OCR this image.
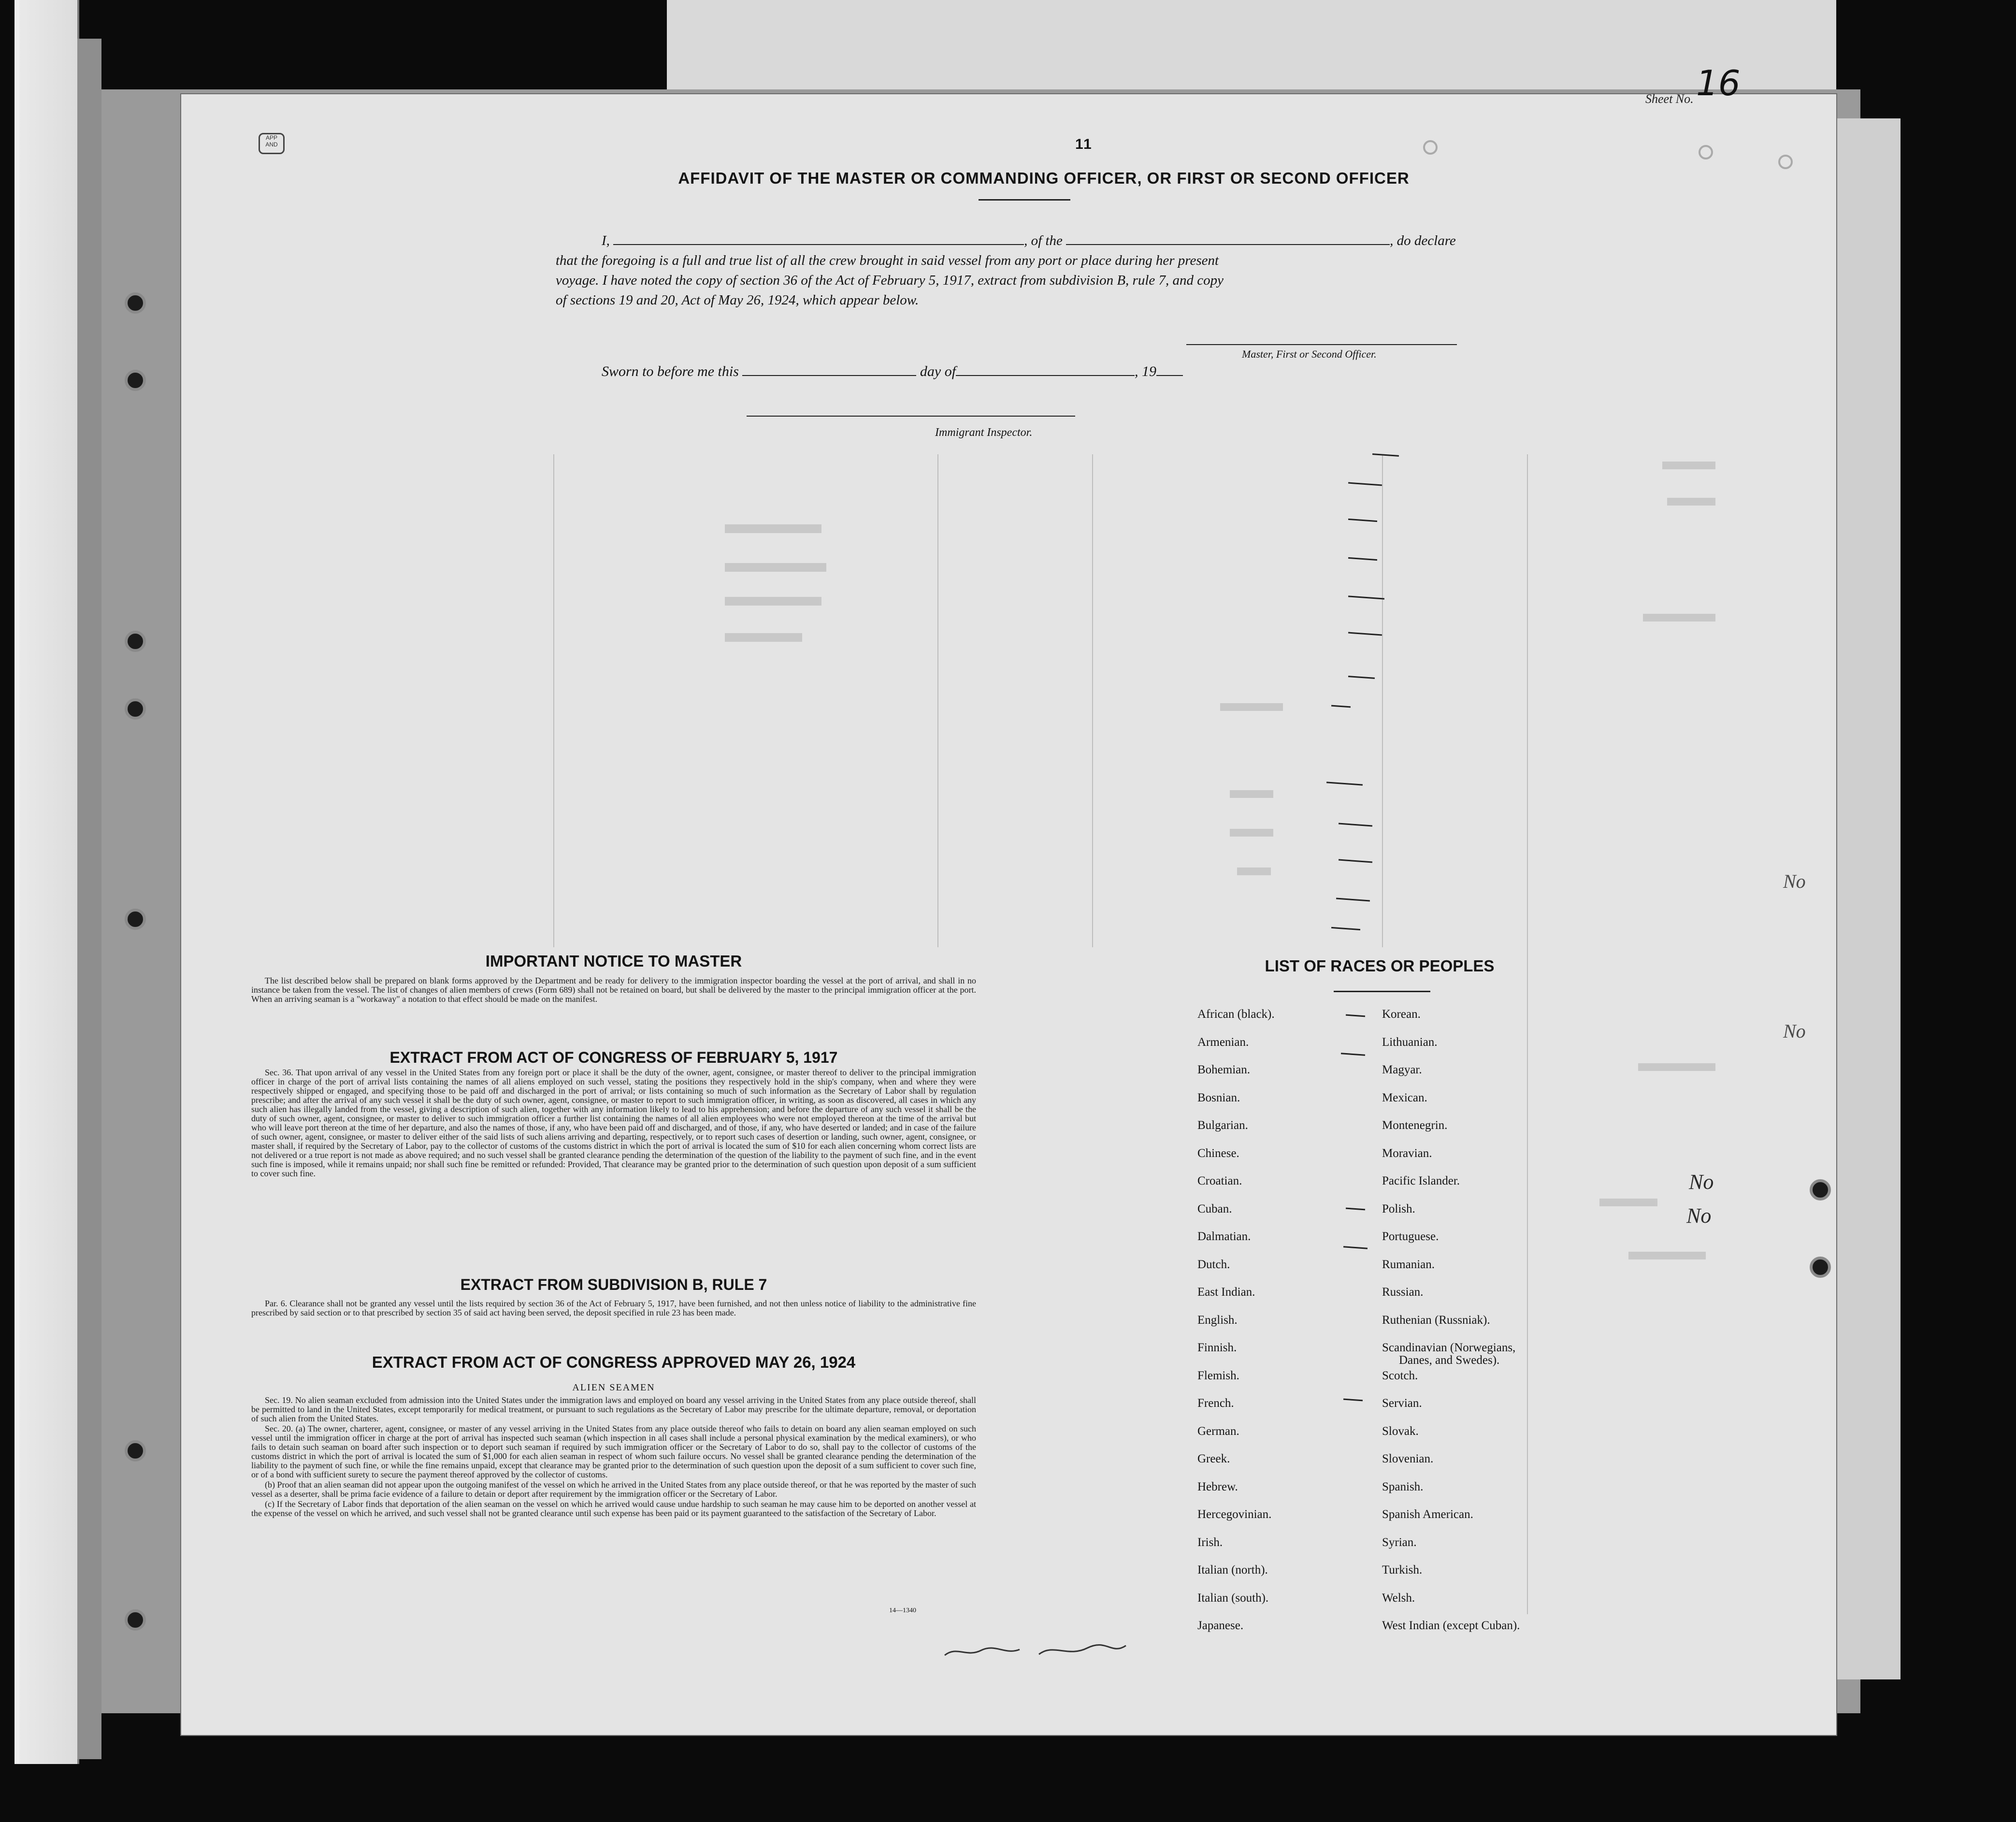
No
No
No
No
APP
AND	11
Sheet No. 16
AFFIDAVIT OF THE MASTER OR COMMANDING OFFICER, OR FIRST OR SECOND OFFICER

I,	, of the	, do declare

that the foregoing is a full and true list of all the crew brought in said vessel from any port or place during her present

voyage. I have noted the copy of section 36 of the Act of February 5, 1917, extract from subdivision B, rule 7, and copy

of sections 19 and 20, Act of May 26, 1924, which appear below.

Master, First or Second Officer.
Sworn to before me this	day of	, 19
Immigrant Inspector.
IMPORTANT NOTICE TO MASTER

The list described below shall be prepared on blank forms approved by the Department and be ready for delivery to the immigration inspector boarding the vessel at the port of arrival, and shall in no instance be taken from the vessel. The list of changes of alien members of crews (Form 689) shall not be retained on board, but shall be delivered by the master to the principal immigration officer at the port. When an arriving seaman is a "workaway" a notation to that effect should be made on the manifest.

EXTRACT FROM ACT OF CONGRESS OF FEBRUARY 5, 1917

Sec. 36. That upon arrival of any vessel in the United States from any foreign port or place it shall be the duty of the owner, agent, consignee, or master thereof to deliver to the principal immigration officer in charge of the port of arrival lists containing the names of all aliens employed on such vessel, stating the positions they respectively hold in the ship's company, when and where they were respectively shipped or engaged, and specifying those to be paid off and discharged in the port of arrival; or lists containing so much of such information as the Secretary of Labor shall by regulation prescribe; and after the arrival of any such vessel it shall be the duty of such owner, agent, consignee, or master to report to such immigration officer, in writing, as soon as discovered, all cases in which any such alien has illegally landed from the vessel, giving a description of such alien, together with any information likely to lead to his apprehension; and before the departure of any such vessel it shall be the duty of such owner, agent, consignee, or master to deliver to such immigration officer a further list containing the names of all alien employees who were not employed thereon at the time of the arrival but who will leave port thereon at the time of her departure, and also the names of those, if any, who have been paid off and discharged, and of those, if any, who have deserted or landed; and in case of the failure of such owner, agent, consignee, or master to deliver either of the said lists of such aliens arriving and departing, respectively, or to report such cases of desertion or landing, such owner, agent, consignee, or master shall, if required by the Secretary of Labor, pay to the collector of customs of the customs district in which the port of arrival is located the sum of $10 for each alien concerning whom correct lists are not delivered or a true report is not made as above required; and no such vessel shall be granted clearance pending the determination of the question of the liability to the payment of such fine, and in the event such fine is imposed, while it remains unpaid; nor shall such fine be remitted or refunded: Provided, That clearance may be granted prior to the determination of such question upon deposit of a sum sufficient to cover such fine.

EXTRACT FROM SUBDIVISION B, RULE 7

Par. 6. Clearance shall not be granted any vessel until the lists required by section 36 of the Act of February 5, 1917, have been furnished, and not then unless notice of liability to the administrative fine prescribed by said section or to that prescribed by section 35 of said act having been served, the deposit specified in rule 23 has been made.

EXTRACT FROM ACT OF CONGRESS APPROVED MAY 26, 1924
ALIEN SEAMEN

Sec. 19. No alien seaman excluded from admission into the United States under the immigration laws and employed on board any vessel arriving in the United States from any place outside thereof, shall be permitted to land in the United States, except temporarily for medical treatment, or pursuant to such regulations as the Secretary of Labor may prescribe for the ultimate departure, removal, or deportation of such alien from the United States.

Sec. 20. (a) The owner, charterer, agent, consignee, or master of any vessel arriving in the United States from any place outside thereof who fails to detain on board any alien seaman employed on such vessel until the immigration officer in charge at the port of arrival has inspected such seaman (which inspection in all cases shall include a personal physical examination by the medical examiners), or who fails to detain such seaman on board after such inspection or to deport such seaman if required by such immigration officer or the Secretary of Labor to do so, shall pay to the collector of customs of the customs district in which the port of arrival is located the sum of $1,000 for each alien seaman in respect of whom such failure occurs. No vessel shall be granted clearance pending the determination of the liability to the payment of such fine, or while the fine remains unpaid, except that clearance may be granted prior to the determination of such question upon the deposit of a sum sufficient to cover such fine, or of a bond with sufficient surety to secure the payment thereof approved by the collector of customs.

(b) Proof that an alien seaman did not appear upon the outgoing manifest of the vessel on which he arrived in the United States from any place outside thereof, or that he was reported by the master of such vessel as a deserter, shall be prima facie evidence of a failure to detain or deport after requirement by the immigration officer or the Secretary of Labor.

(c) If the Secretary of Labor finds that deportation of the alien seaman on the vessel on which he arrived would cause undue hardship to such seaman he may cause him to be deported on another vessel at the expense of the vessel on which he arrived, and such vessel shall not be granted clearance until such expense has been paid or its payment guaranteed to the satisfaction of the Secretary of Labor.

14—1340
LIST OF RACES OR PEOPLES
African (black).
Armenian.
Bohemian.
Bosnian.
Bulgarian.
Chinese.
Croatian.
Cuban.
Dalmatian.
Dutch.
East Indian.
English.
Finnish.
Flemish.
French.
German.
Greek.
Hebrew.
Hercegovinian.
Irish.
Italian (north).
Italian (south).
Japanese.
Korean.
Lithuanian.
Magyar.
Mexican.
Montenegrin.
Moravian.
Pacific Islander.
Polish.
Portuguese.
Rumanian.
Russian.
Ruthenian (Russniak).
Scandinavian (Norwegians,
Danes, and Swedes).
Scotch.
Servian.
Slovak.
Slovenian.
Spanish.
Spanish American.
Syrian.
Turkish.
Welsh.
West Indian (except Cuban).
